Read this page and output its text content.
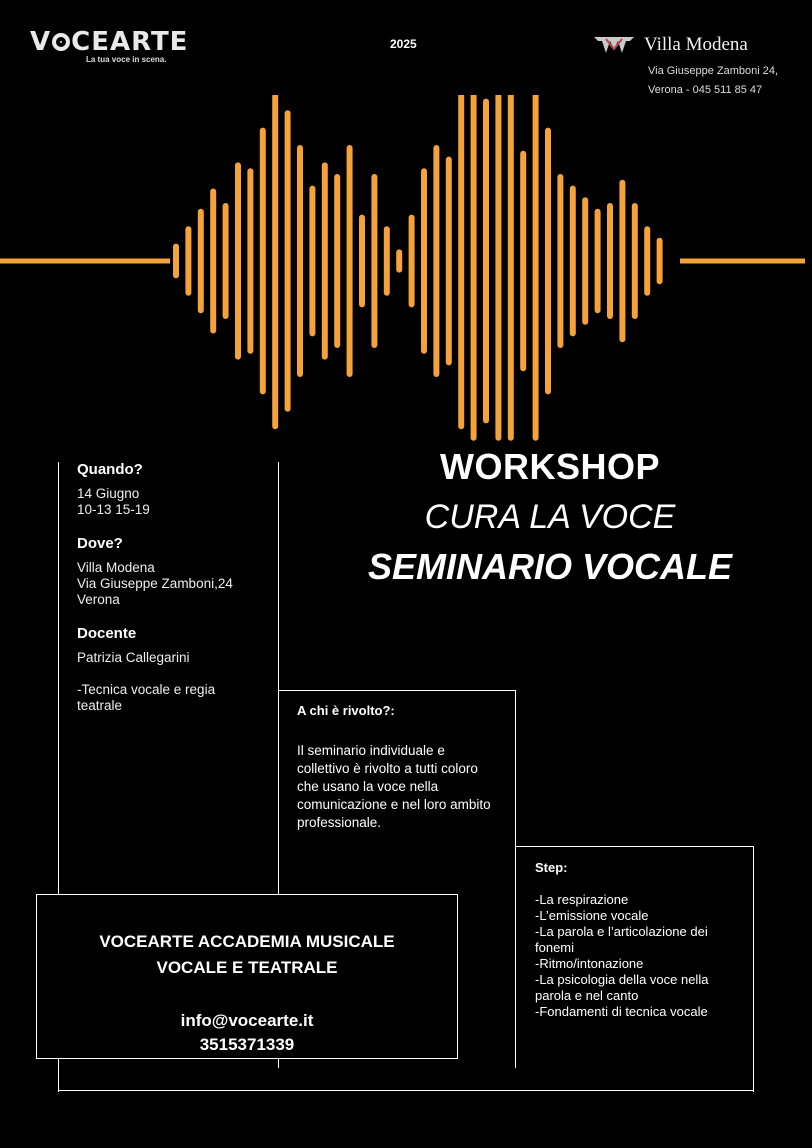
V CEARTE
La tua voce in scena.
2025	Villa Modena
Via Giuseppe Zamboni 24,
Verona - 045 511 85 47
WORKSHOP
CURA LA VOCE
SEMINARIO VOCALE
Quando?
14 Giugno
10-13 15-19
Dove?
Villa Modena
Via Giuseppe Zamboni,24
Verona
Docente
Patrizia Callegarini
-Tecnica vocale e regia teatrale	A chi è rivolto?:
Il seminario individuale e collettivo è rivolto a tutti coloro che usano la voce nella comunicazione e nel loro ambito professionale.
Step:
-La respirazione
-L’emissione vocale
-La parola e l’articolazione dei
fonemi
-Ritmo/intonazione
-La psicologia della voce nella
parola e nel canto
-Fondamenti di tecnica vocale
VOCEARTE ACCADEMIA MUSICALE
VOCALE E TEATRALE
info@vocearte.it
3515371339
